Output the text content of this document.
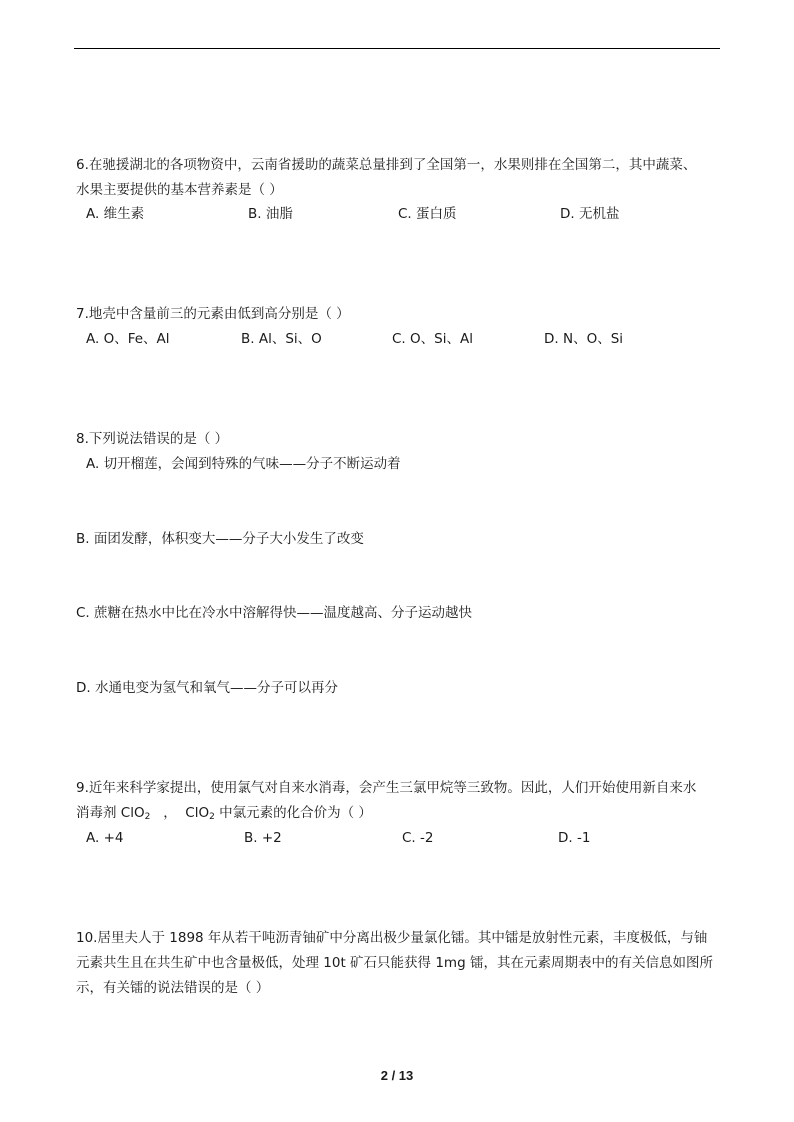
6.在驰援湖北的各项物资中，云南省援助的蔬菜总量排到了全国第一，水果则排在全国第二，其中蔬菜、
水果主要提供的基本营养素是（ ）
A. 维生素	B. 油脂	C. 蛋白质	D. 无机盐
7.地壳中含量前三的元素由低到高分别是（ ）
A. O、Fe、Al	B. Al、Si、O	C. O、Si、Al	D. N、O、Si
8.下列说法错误的是（ ）
A. 切开榴莲，会闻到特殊的气味——分子不断运动着
B. 面团发酵，体积变大——分子大小发生了改变
C. 蔗糖在热水中比在冷水中溶解得快——温度越高、分子运动越快
D. 水通电变为氢气和氧气——分子可以再分
9.近年来科学家提出，使用氯气对自来水消毒，会产生三氯甲烷等三致物。因此，人们开始使用新自来水
消毒剂 ClO$_2$   ，  ClO$_2$ 中氯元素的化合价为（ ）
A. +4	B. +2	C. -2	D. -1
10.居里夫人于 1898 年从若干吨沥青铀矿中分离出极少量氯化镭。其中镭是放射性元素，丰度极低，与铀
元素共生且在共生矿中也含量极低，处理 10t 矿石只能获得 1mg 镭，其在元素周期表中的有关信息如图所
示，有关镭的说法错误的是（ ）
2 / 13
